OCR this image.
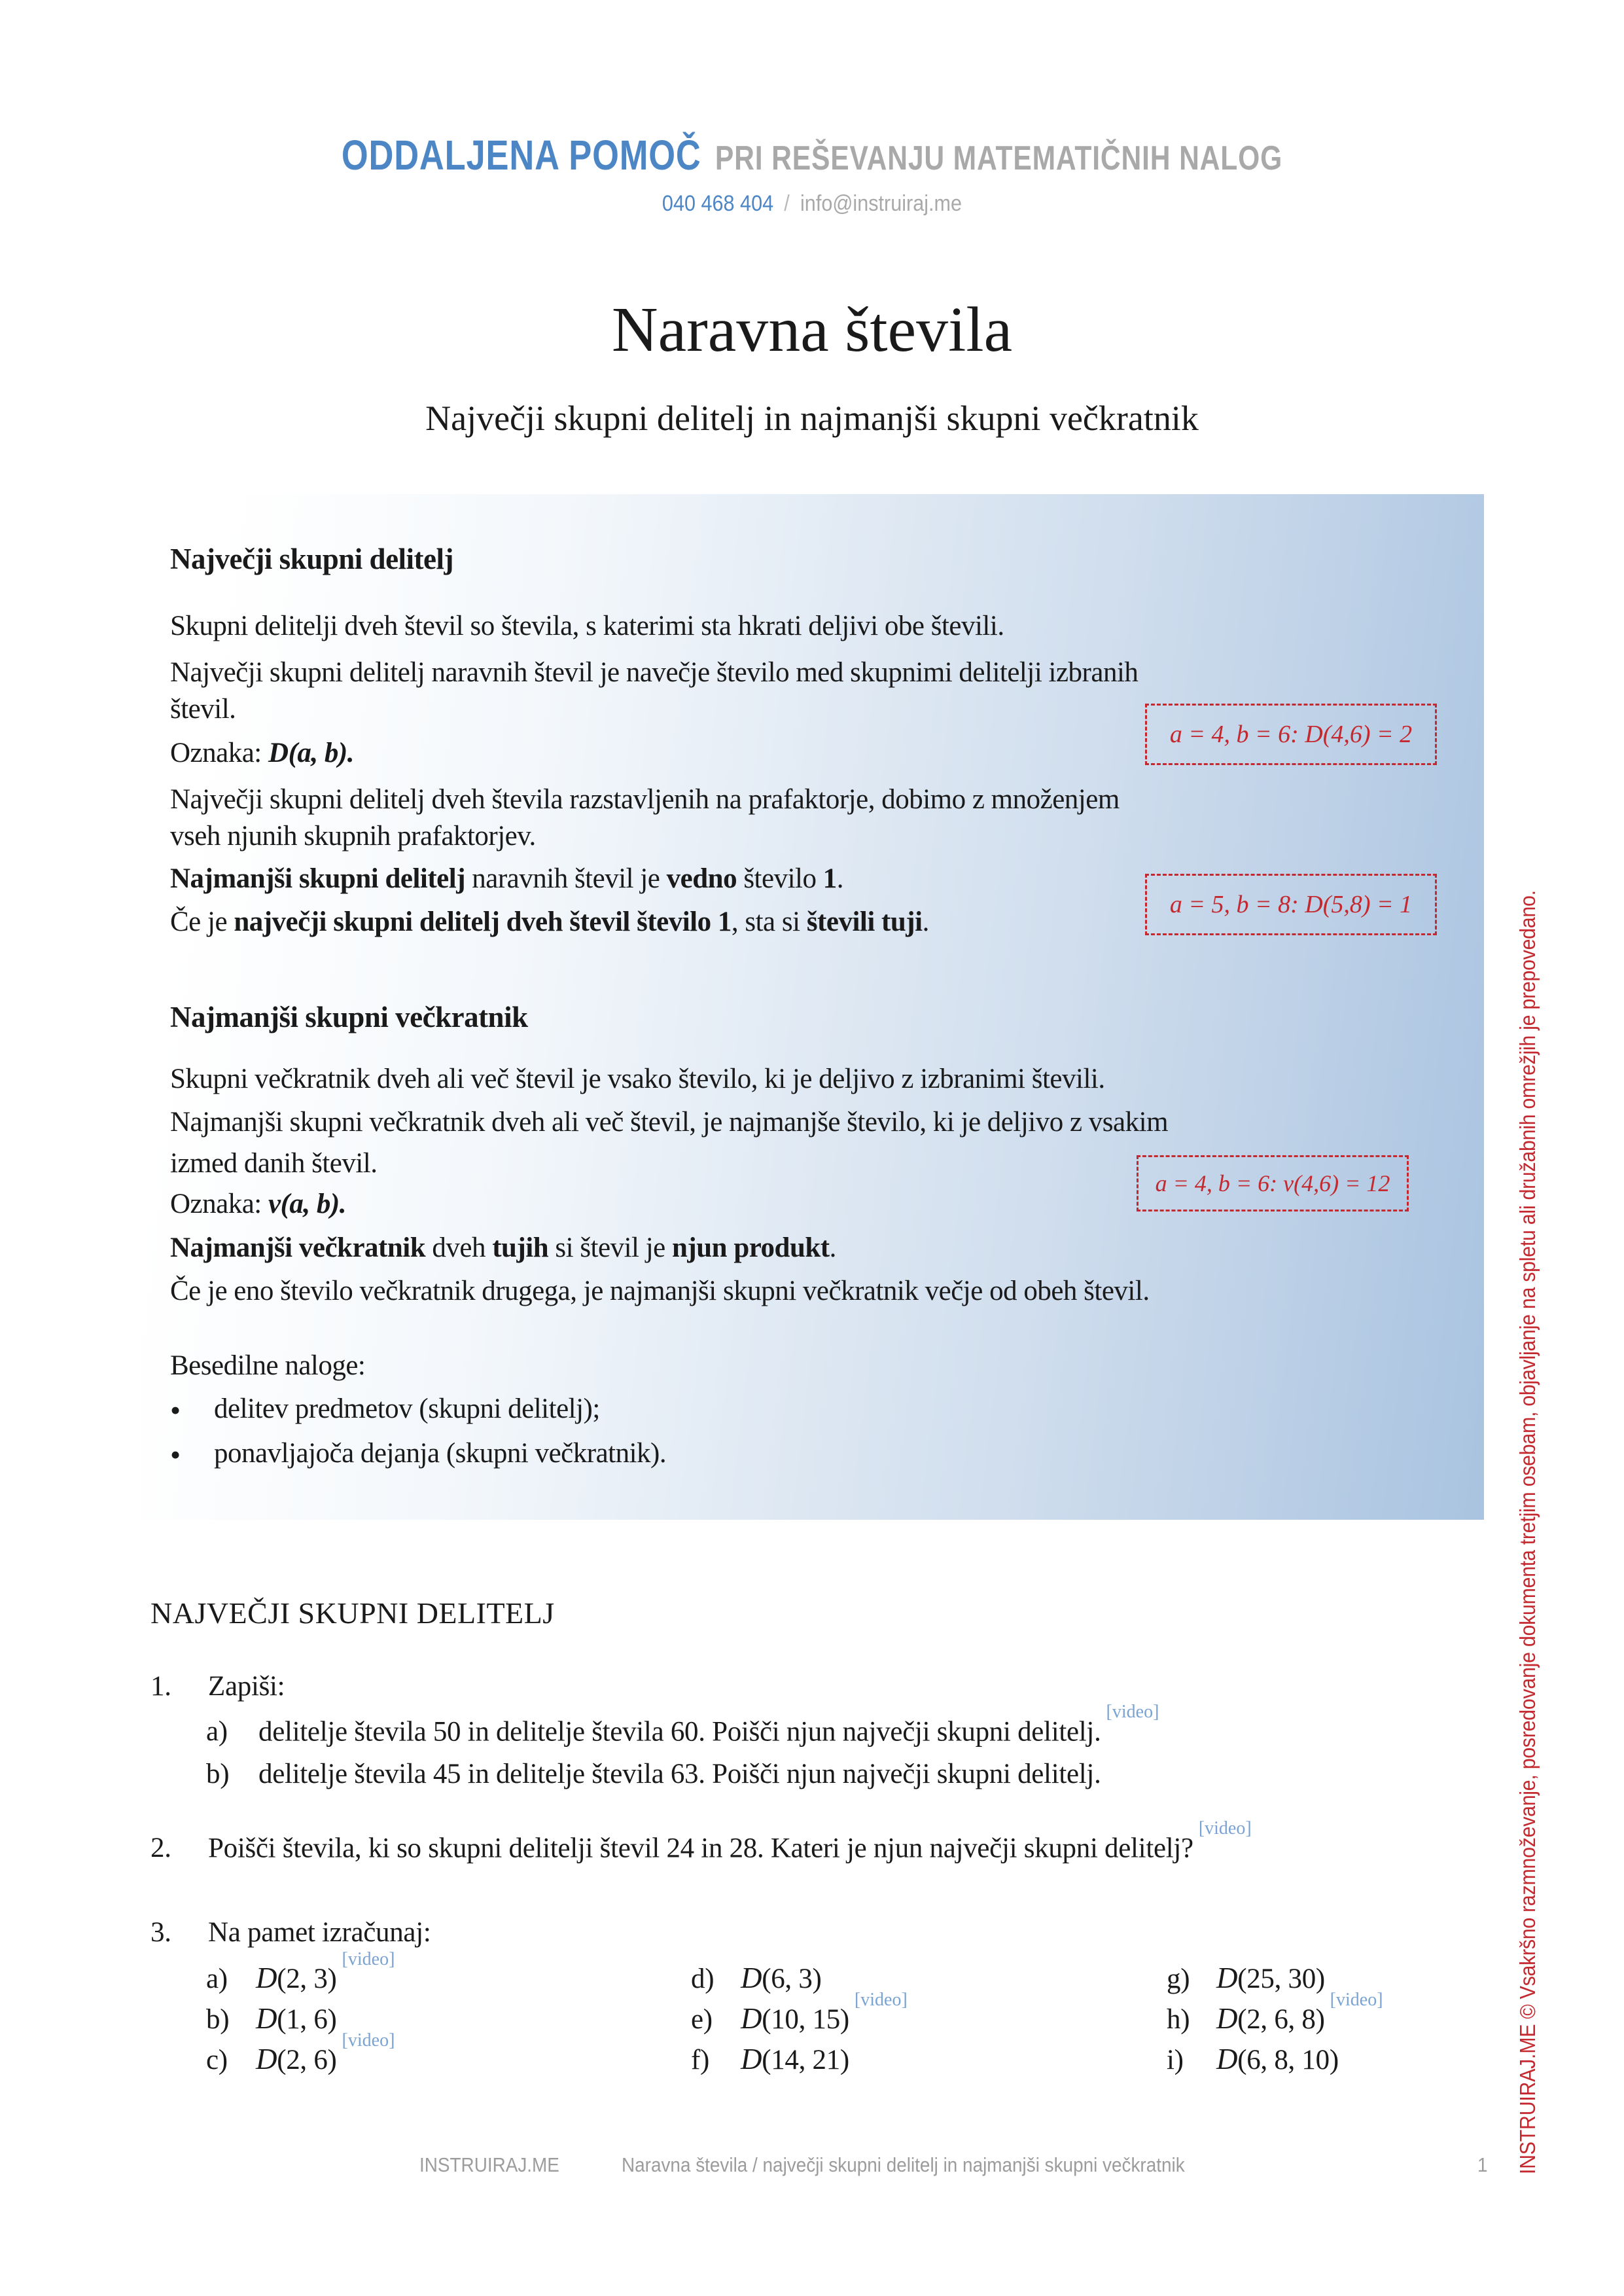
ODDALJENA POMOČ PRI REŠEVANJU MATEMATIČNIH NALOG
040 468 404 / info@instruiraj.me
Naravna števila
Največji skupni delitelj in najmanjši skupni večkratnik
Največji skupni delitelj
Skupni delitelji dveh števil so števila, s katerimi sta hkrati deljivi obe števili.
Največji skupni delitelj naravnih števil je navečje število med skupnimi delitelji izbranih
števil.
Oznaka: D(a, b).
Največji skupni delitelj dveh števila razstavljenih na prafaktorje, dobimo z množenjem
vseh njunih skupnih prafaktorjev.
Najmanjši skupni delitelj naravnih števil je vedno število 1.
Če je največji skupni delitelj dveh števil število 1, sta si števili tuji.
a = 4, b = 6: D(4,6) = 2
a = 5, b = 8: D(5,8) = 1
Najmanjši skupni večkratnik
Skupni večkratnik dveh ali več števil je vsako število, ki je deljivo z izbranimi števili.
Najmanjši skupni večkratnik dveh ali več števil, je najmanjše število, ki je deljivo z vsakim
izmed danih števil.
Oznaka: v(a, b).
Najmanjši večkratnik dveh tujih si števil je njun produkt.
Če je eno število večkratnik drugega, je najmanjši skupni večkratnik večje od obeh števil.
a = 4, b = 6: v(4,6) = 12
Besedilne naloge:
• delitev predmetov (skupni delitelj);
• ponavljajoča dejanja (skupni večkratnik).
NAJVEČJI SKUPNI DELITELJ
1. Zapiši:
a) delitelje števila 50 in delitelje števila 60. Poišči njun največji skupni delitelj.[video]
b) delitelje števila 45 in delitelje števila 63. Poišči njun največji skupni delitelj.
2. Poišči števila, ki so skupni delitelji števil 24 in 28. Kateri je njun največji skupni delitelj?[video]
3. Na pamet izračunaj:
a) D(2, 3)[video]
b) D(1, 6)
c) D(2, 6)[video]
d) D(6, 3)
e) D(10, 15)[video]
f) D(14, 21)
g) D(25, 30)
h) D(2, 6, 8)[video]
i) D(6, 8, 10)
INSTRUIRAJ.ME	Naravna števila / največji skupni delitelj in najmanjši skupni večkratnik	1 INSTRUIRAJ.ME © Vsakršno razmnoževanje, posredovanje dokumenta tretjim osebam, objavljanje na spletu ali družabnih omrežjih je prepovedano.
